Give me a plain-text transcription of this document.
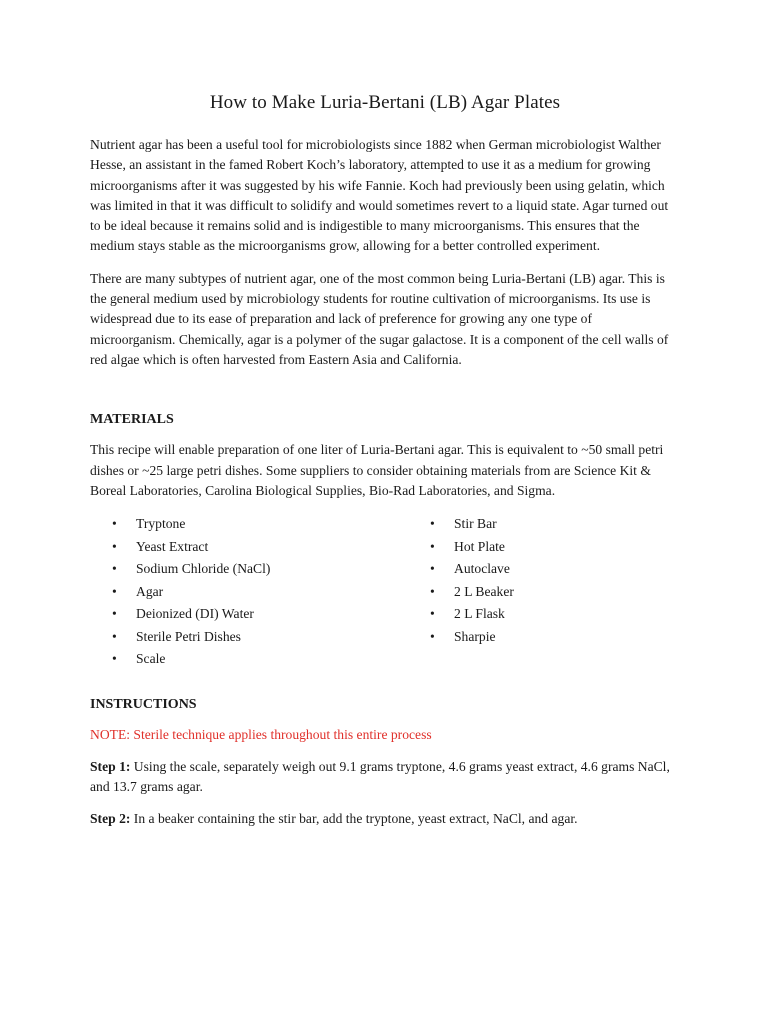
How to Make Luria-Bertani (LB) Agar Plates

Nutrient agar has been a useful tool for microbiologists since 1882 when German microbiologist Walther Hesse, an assistant in the famed Robert Koch’s laboratory, attempted to use it as a medium for growing microorganisms after it was suggested by his wife Fannie. Koch had previously been using gelatin, which was limited in that it was difficult to solidify and would sometimes revert to a liquid state. Agar turned out to be ideal because it remains solid and is indigestible to many microorganisms. This ensures that the medium stays stable as the microorganisms grow, allowing for a better controlled experiment.

There are many subtypes of nutrient agar, one of the most common being Luria-Bertani (LB) agar. This is the general medium used by microbiology students for routine cultivation of microorganisms. Its use is widespread due to its ease of preparation and lack of preference for growing any one type of microorganism. Chemically, agar is a polymer of the sugar galactose. It is a component of the cell walls of red algae which is often harvested from Eastern Asia and California.

MATERIALS

This recipe will enable preparation of one liter of Luria-Bertani agar. This is equivalent to ~50 small petri dishes or ~25 large petri dishes. Some suppliers to consider obtaining materials from are Science Kit & Boreal Laboratories, Carolina Biological Supplies, Bio-Rad Laboratories, and Sigma.

• Tryptone
• Yeast Extract
• Sodium Chloride (NaCl)
• Agar
• Deionized (DI) Water
• Sterile Petri Dishes
• Scale
• Stir Bar
• Hot Plate
• Autoclave
• 2 L Beaker
• 2 L Flask
• Sharpie
INSTRUCTIONS

NOTE: Sterile technique applies throughout this entire process

Step 1: Using the scale, separately weigh out 9.1 grams tryptone, 4.6 grams yeast extract, 4.6 grams NaCl, and 13.7 grams agar.

Step 2: In a beaker containing the stir bar, add the tryptone, yeast extract, NaCl, and agar.
